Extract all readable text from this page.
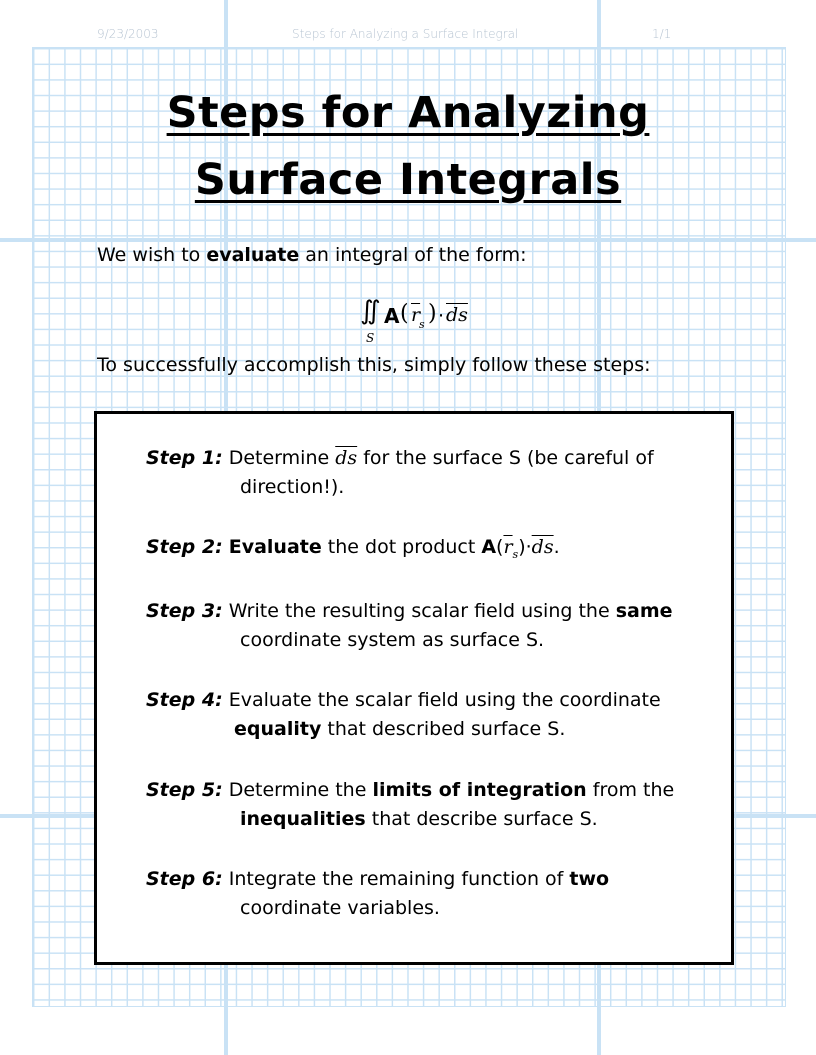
9/23/2003	Steps for Analyzing a Surface Integral	1/1
Steps for Analyzing
Surface Integrals
We wish to evaluate an integral of the form:
∬
S
A ( $\overline{r}$
s ) · $\overline{ds}$
To successfully accomplish this, simply follow these steps:
Step 1: Determine $\overline{ds}$ for the surface S (be careful of
direction!).
Step 2: Evaluate the dot product $A(\overline{r}_s)\cdot\overline{ds}$.
Step 3: Write the resulting scalar field using the same
coordinate system as surface S.
Step 4: Evaluate the scalar field using the coordinate
equality that described surface S.
Step 5: Determine the limits of integration from the
inequalities that describe surface S.
Step 6: Integrate the remaining function of two
coordinate variables.
